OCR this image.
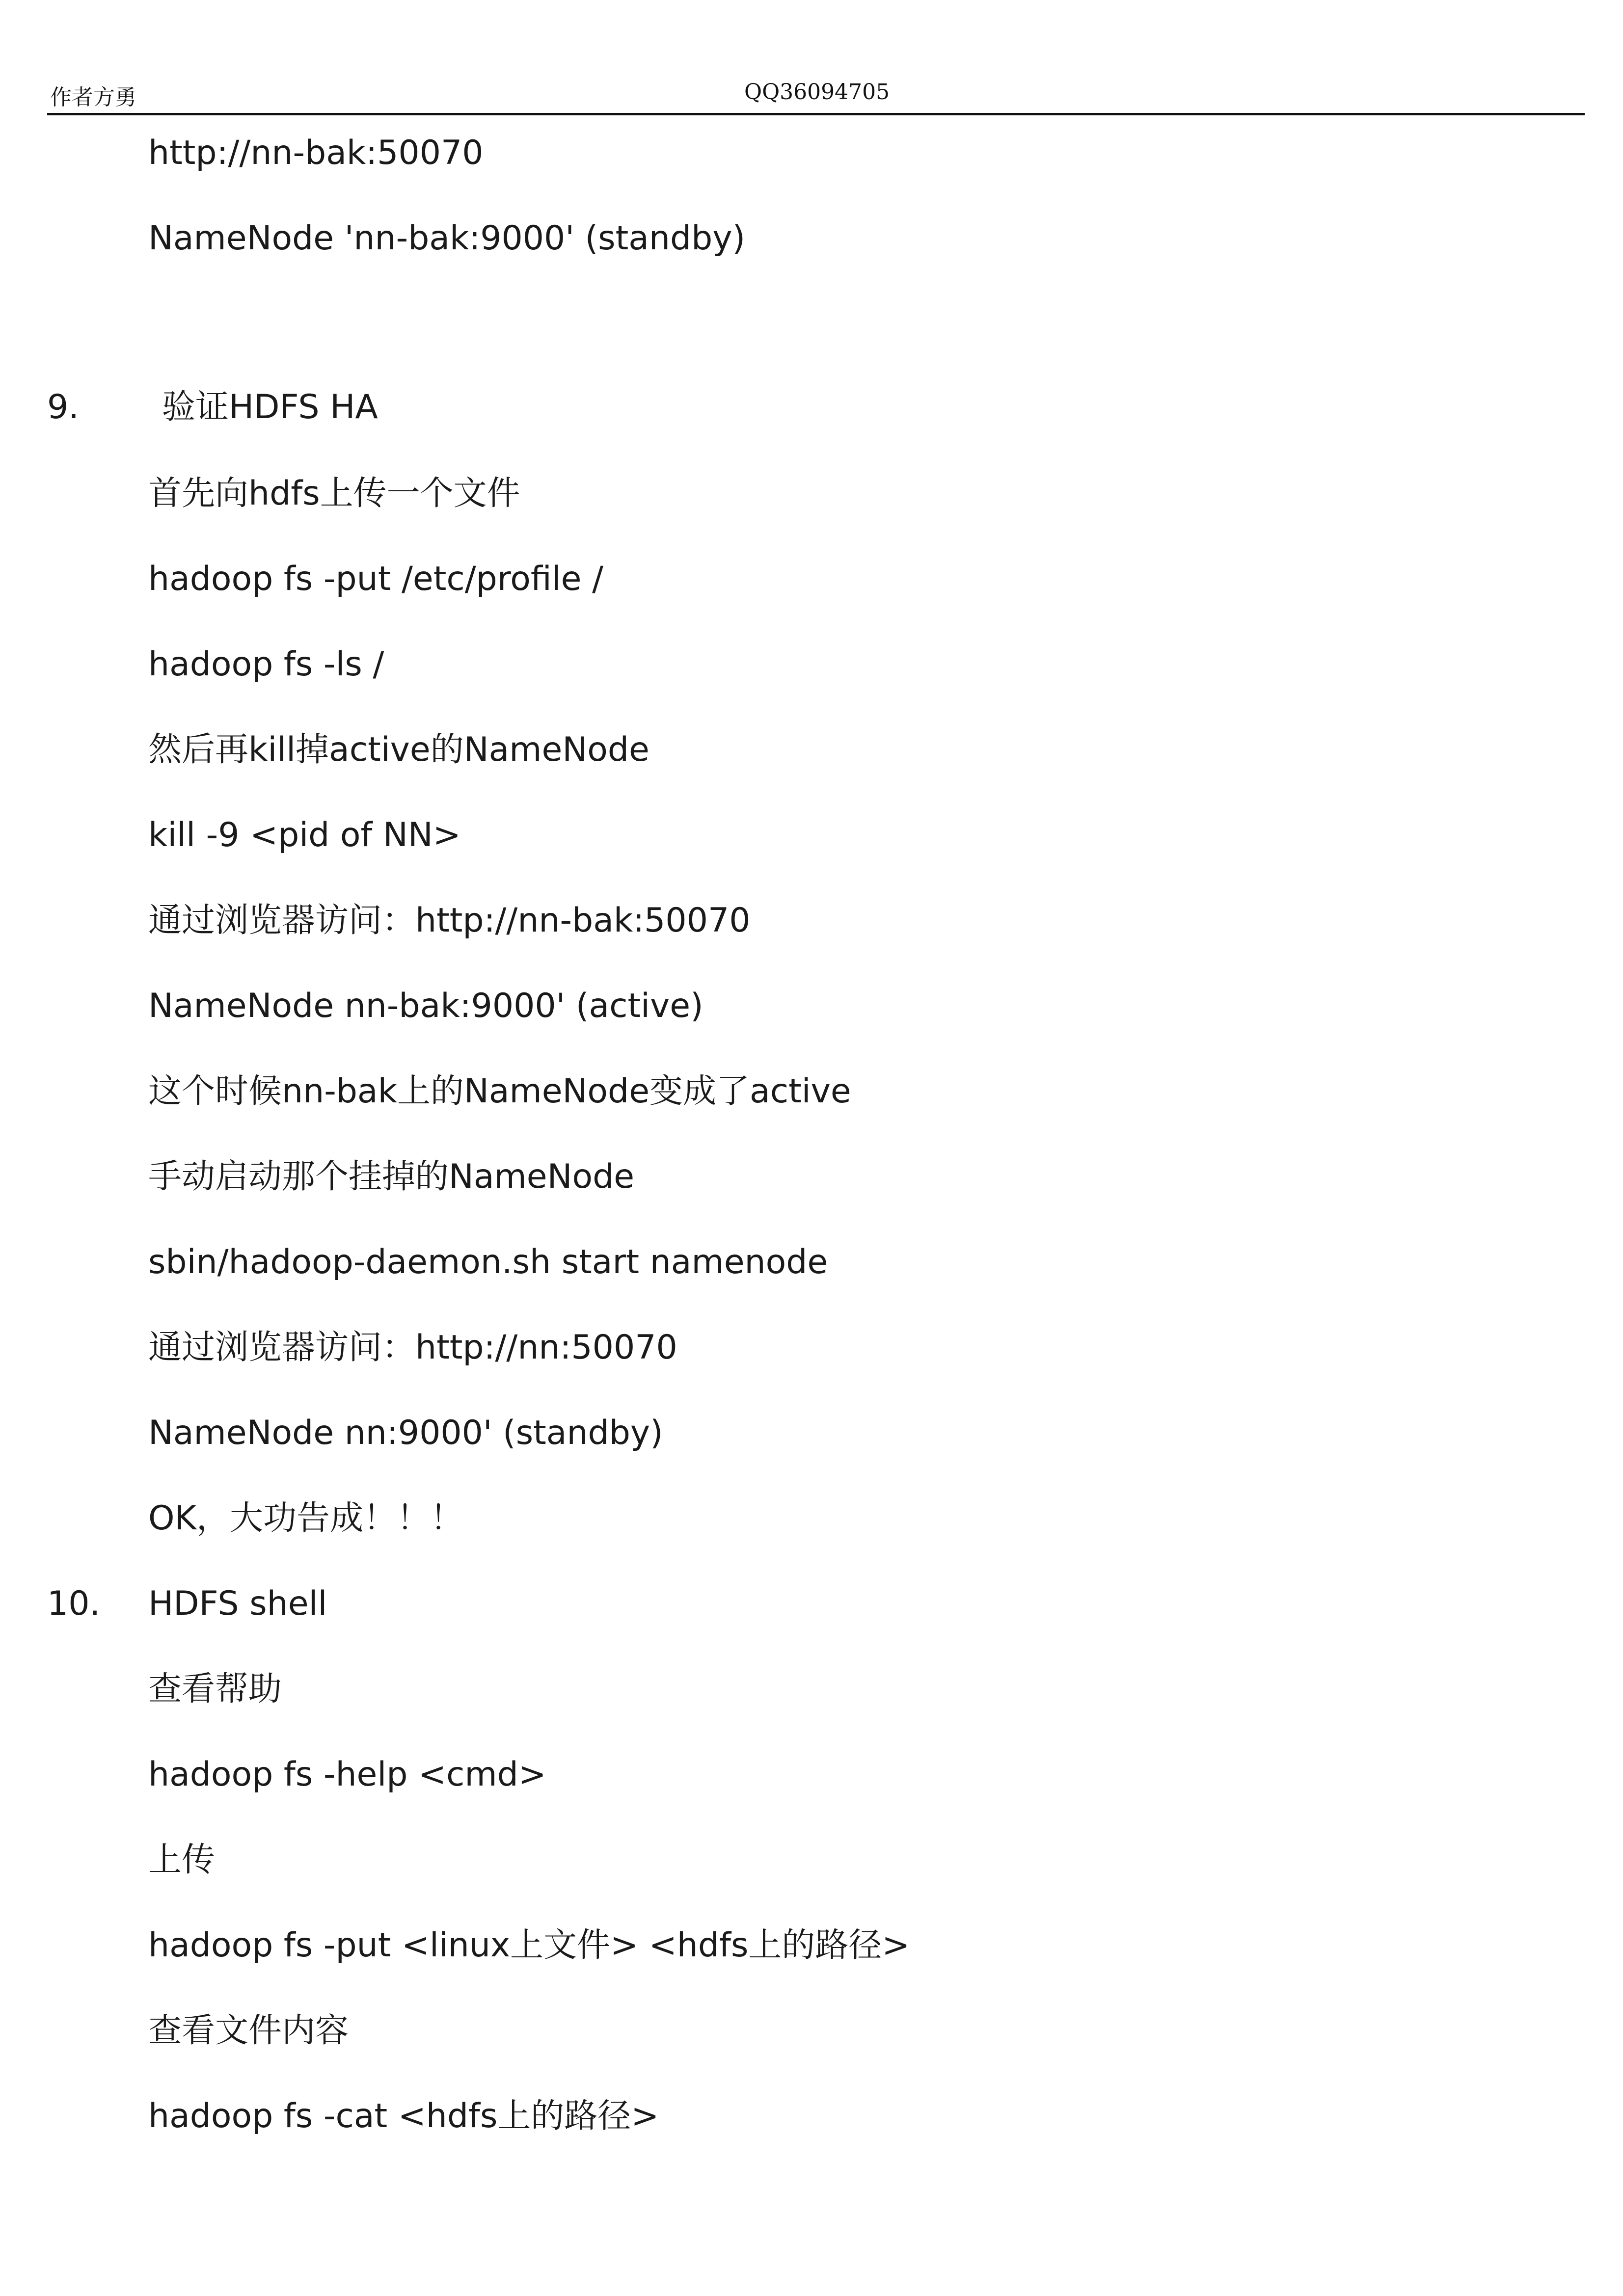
作者方勇	QQ36094705
http://nn-bak:50070
NameNode 'nn-bak:9000' (standby)
9. 验证HDFS HA
首先向hdfs上传一个文件
hadoop fs -put /etc/profile /
hadoop fs -ls /
然后再kill掉active的NameNode
kill -9 <pid of NN>
通过浏览器访问：http://nn-bak:50070
NameNode nn-bak:9000' (active)
这个时候nn-bak上的NameNode变成了active
手动启动那个挂掉的NameNode
sbin/hadoop-daemon.sh start namenode
通过浏览器访问：http://nn:50070
NameNode nn:9000' (standby)
OK，大功告成！！！
10. HDFS shell
查看帮助
hadoop fs -help <cmd>
上传
hadoop fs -put <linux上文件> <hdfs上的路径>
查看文件内容
hadoop fs -cat <hdfs上的路径>
